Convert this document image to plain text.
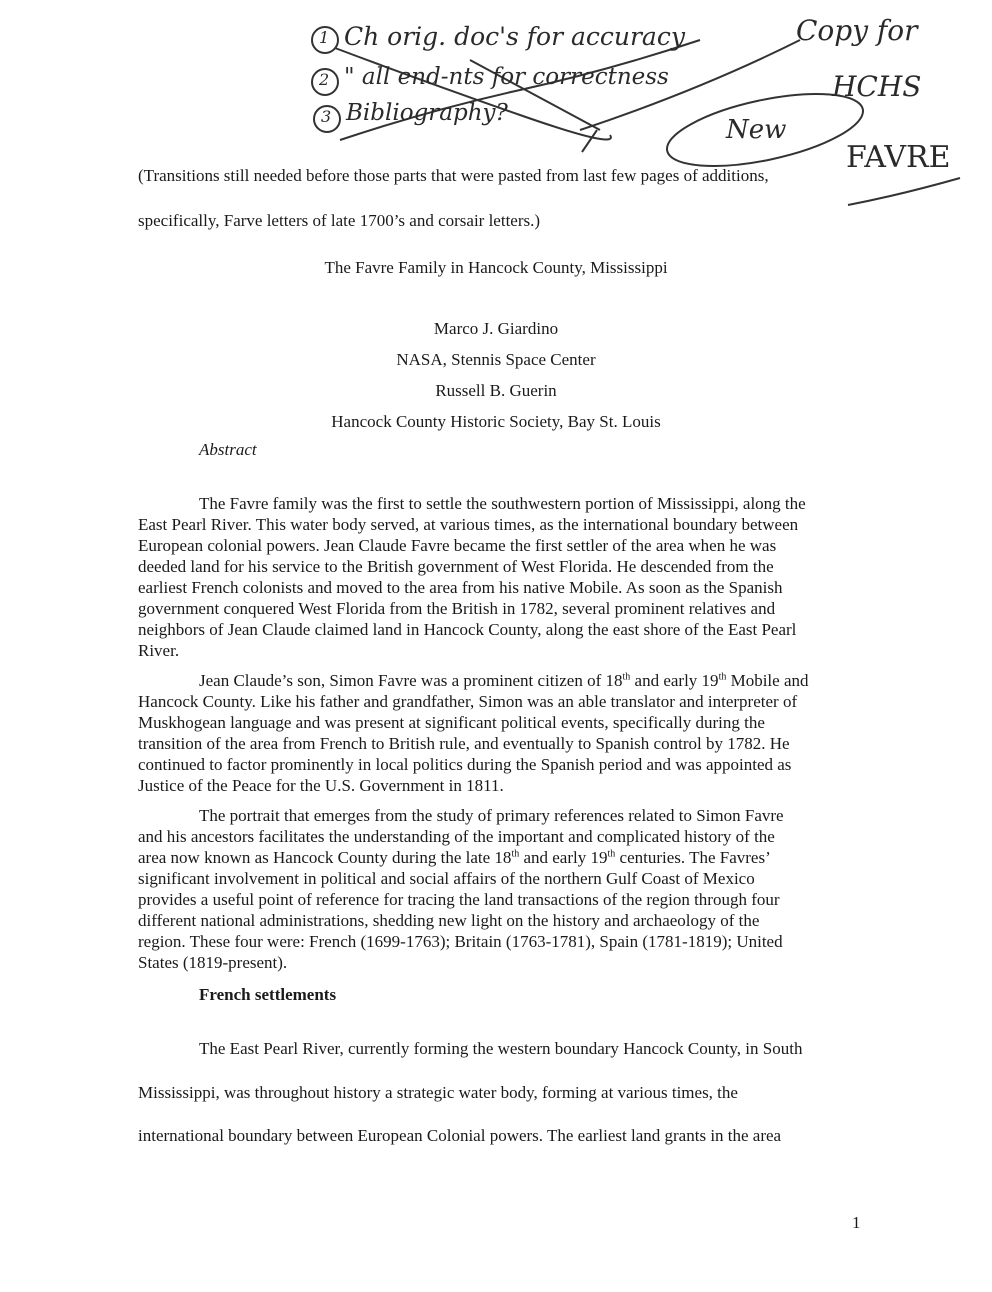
1
2
3
Ch orig. doc's for accuracy
" all end-nts for correctness
Bibliography?
Copy for
HCHS
New
FAVRE
(Transitions still needed before those parts that were pasted from last few pages of additions,
specifically, Farve letters of late 1700’s and corsair letters.)
The Favre Family in Hancock County, Mississippi
Marco J. Giardino
NASA, Stennis Space Center
Russell B. Guerin
Hancock County Historic Society, Bay St. Louis
Abstract
The Favre family was the first to settle the southwestern portion of Mississippi, along the
East Pearl River. This water body served, at various times, as the international boundary between
European colonial powers. Jean Claude Favre became the first settler of the area when he was
deeded land for his service to the British government of West Florida. He descended from the
earliest French colonists and moved to the area from his native Mobile. As soon as the Spanish
government conquered West Florida from the British in 1782, several prominent relatives and
neighbors of Jean Claude claimed land in Hancock County, along the east shore of the East Pearl
River.
Jean Claude’s son, Simon Favre was a prominent citizen of 18th and early 19th Mobile and
Hancock County. Like his father and grandfather, Simon was an able translator and interpreter of
Muskhogean language and was present at significant political events, specifically during the
transition of the area from French to British rule, and eventually to Spanish control by 1782. He
continued to factor prominently in local politics during the Spanish period and was appointed as
Justice of the Peace for the U.S. Government in 1811.
The portrait that emerges from the study of primary references related to Simon Favre
and his ancestors facilitates the understanding of the important and complicated history of the
area now known as Hancock County during the late 18th and early 19th centuries. The Favres’
significant involvement in political and social affairs of the northern Gulf Coast of Mexico
provides a useful point of reference for tracing the land transactions of the region through four
different national administrations, shedding new light on the history and archaeology of the
region. These four were: French (1699-1763); Britain (1763-1781), Spain (1781-1819); United
States (1819-present).
French settlements
The East Pearl River, currently forming the western boundary Hancock County, in South
Mississippi, was throughout history a strategic water body, forming at various times, the
international boundary between European Colonial powers. The earliest land grants in the area
1
